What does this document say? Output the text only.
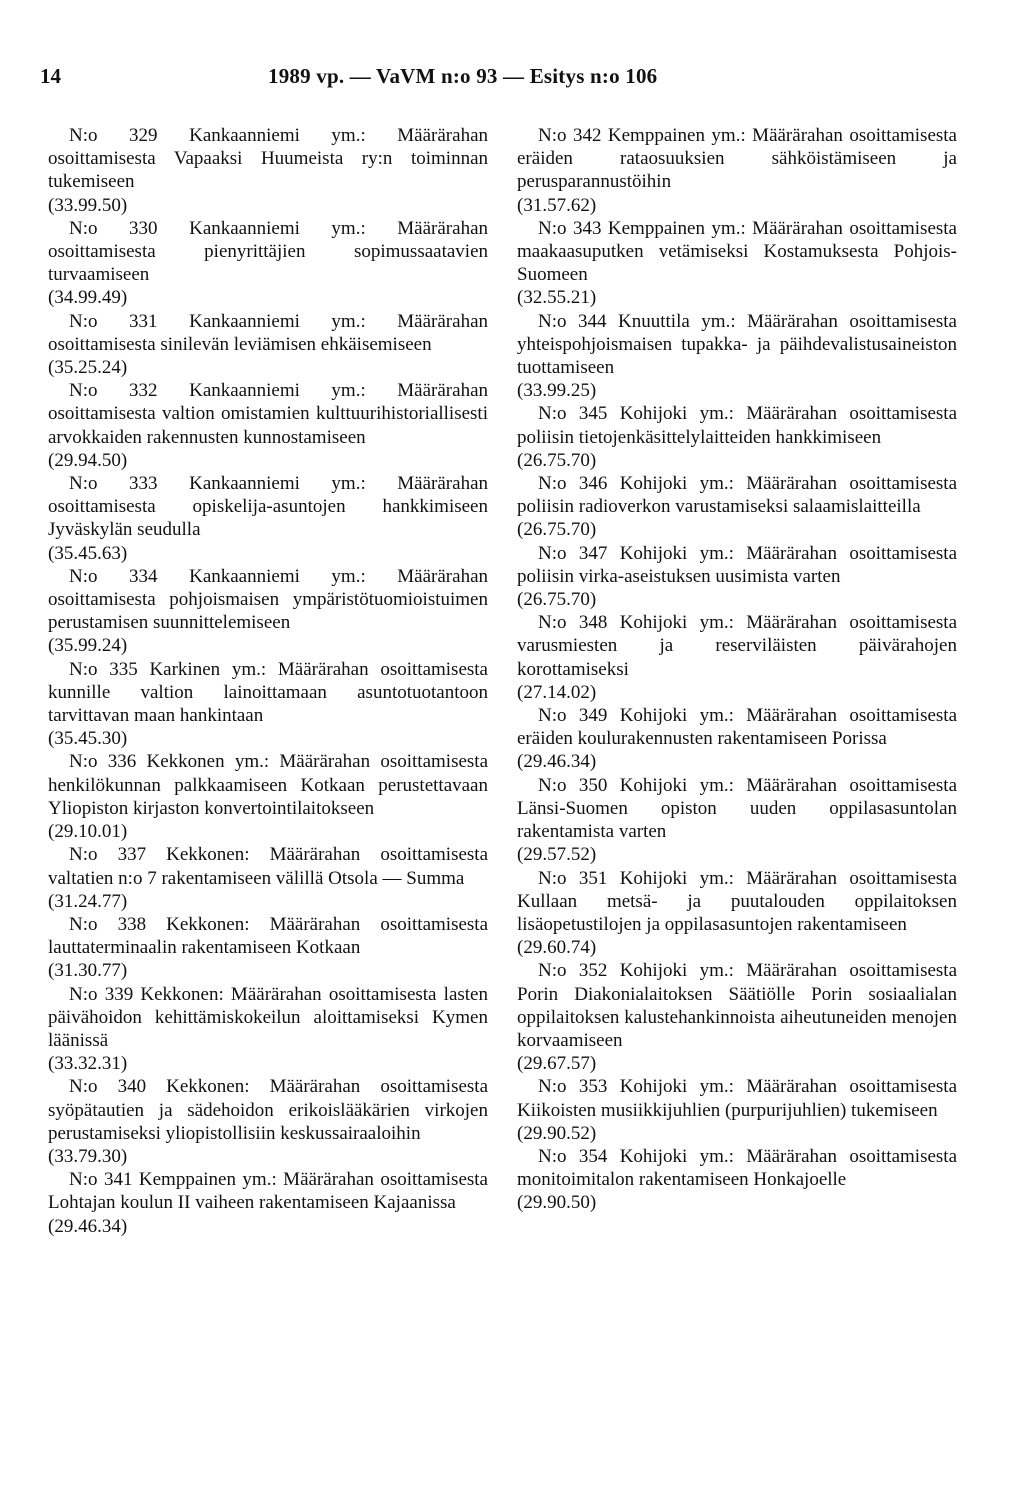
14	1989 vp. — VaVM n:o 93 — Esitys n:o 106

N:o 329 Kankaanniemi ym.: Määrärahan osoittamisesta Vapaaksi Huumeista ry:n toiminnan tukemiseen

(33.99.50)

N:o 330 Kankaanniemi ym.: Määrärahan osoittamisesta pienyrittäjien sopimussaatavien turvaamiseen

(34.99.49)

N:o 331 Kankaanniemi ym.: Määrärahan osoittamisesta sinilevän leviämisen ehkäisemiseen

(35.25.24)

N:o 332 Kankaanniemi ym.: Määrärahan osoittamisesta valtion omistamien kulttuurihistoriallisesti arvokkaiden rakennusten kunnostamiseen

(29.94.50)

N:o 333 Kankaanniemi ym.: Määrärahan osoittamisesta opiskelija-asuntojen hankkimiseen Jyväskylän seudulla

(35.45.63)

N:o 334 Kankaanniemi ym.: Määrärahan osoittamisesta pohjoismaisen ympäristötuomioistuimen perustamisen suunnittelemiseen

(35.99.24)

N:o 335 Karkinen ym.: Määrärahan osoittamisesta kunnille valtion lainoittamaan asuntotuotantoon tarvittavan maan hankintaan

(35.45.30)

N:o 336 Kekkonen ym.: Määrärahan osoittamisesta henkilökunnan palkkaamiseen Kotkaan perustettavaan Yliopiston kirjaston konvertointilaitokseen

(29.10.01)

N:o 337 Kekkonen: Määrärahan osoittamisesta valtatien n:o 7 rakentamiseen välillä Otsola — Summa

(31.24.77)

N:o 338 Kekkonen: Määrärahan osoittamisesta lauttaterminaalin rakentamiseen Kotkaan

(31.30.77)

N:o 339 Kekkonen: Määrärahan osoittamisesta lasten päivähoidon kehittämiskokeilun aloittamiseksi Kymen läänissä

(33.32.31)

N:o 340 Kekkonen: Määrärahan osoittamisesta syöpätautien ja sädehoidon erikoislääkärien virkojen perustamiseksi yliopistollisiin keskussairaaloihin

(33.79.30)

N:o 341 Kemppainen ym.: Määrärahan osoittamisesta Lohtajan koulun II vaiheen rakentamiseen Kajaanissa

(29.46.34)

N:o 342 Kemppainen ym.: Määrärahan osoittamisesta eräiden rataosuuksien sähköistämiseen ja perusparannustöihin

(31.57.62)

N:o 343 Kemppainen ym.: Määrärahan osoittamisesta maakaasuputken vetämiseksi Kostamuksesta Pohjois-Suomeen

(32.55.21)

N:o 344 Knuuttila ym.: Määrärahan osoittamisesta yhteispohjoismaisen tupakka- ja päihdevalistusaineiston tuottamiseen

(33.99.25)

N:o 345 Kohijoki ym.: Määrärahan osoittamisesta poliisin tietojenkäsittelylaitteiden hankkimiseen

(26.75.70)

N:o 346 Kohijoki ym.: Määrärahan osoittamisesta poliisin radioverkon varustamiseksi salaamislaitteilla

(26.75.70)

N:o 347 Kohijoki ym.: Määrärahan osoittamisesta poliisin virka-aseistuksen uusimista varten

(26.75.70)

N:o 348 Kohijoki ym.: Määrärahan osoittamisesta varusmiesten ja reserviläisten päivärahojen korottamiseksi

(27.14.02)

N:o 349 Kohijoki ym.: Määrärahan osoittamisesta eräiden koulurakennusten rakentamiseen Porissa

(29.46.34)

N:o 350 Kohijoki ym.: Määrärahan osoittamisesta Länsi-Suomen opiston uuden oppilasasuntolan rakentamista varten

(29.57.52)

N:o 351 Kohijoki ym.: Määrärahan osoittamisesta Kullaan metsä- ja puutalouden oppilaitoksen lisäopetustilojen ja oppilasasuntojen rakentamiseen

(29.60.74)

N:o 352 Kohijoki ym.: Määrärahan osoittamisesta Porin Diakonialaitoksen Säätiölle Porin sosiaalialan oppilaitoksen kalustehankinnoista aiheutuneiden menojen korvaamiseen

(29.67.57)

N:o 353 Kohijoki ym.: Määrärahan osoittamisesta Kiikoisten musiikkijuhlien (purpurijuhlien) tukemiseen

(29.90.52)

N:o 354 Kohijoki ym.: Määrärahan osoittamisesta monitoimitalon rakentamiseen Honkajoelle

(29.90.50)
